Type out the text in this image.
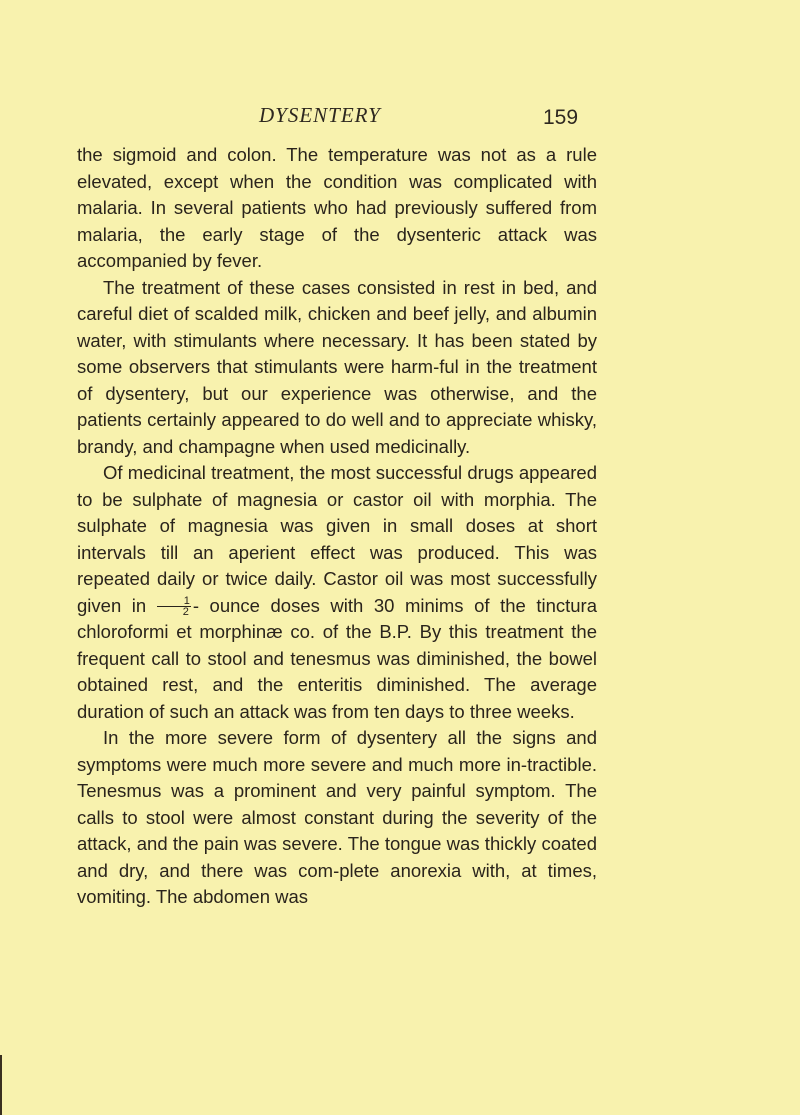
DYSENTERY	159

the sigmoid and colon. The temperature was not as a rule elevated, except when the condition was complicated with malaria. In several patients who had previously suffered from malaria, the early stage of the dysenteric attack was accompanied by fever.

The treatment of these cases consisted in rest in bed, and careful diet of scalded milk, chicken and beef jelly, and albumin water, with stimulants where necessary. It has been stated by some observers that stimulants were harm-ful in the treatment of dysentery, but our experience was otherwise, and the patients certainly appeared to do well and to appreciate whisky, brandy, and champagne when used medicinally.

Of medicinal treatment, the most successful drugs appeared to be sulphate of magnesia or castor oil with morphia. The sulphate of magnesia was given in small doses at short intervals till an aperient effect was produced. This was repeated daily or twice daily. Castor oil was most successfully given in $\frac{1}{2}$ - ounce doses with 30 minims of the tinctura chloroformi et morphinæ co. of the B.P. By this treatment the frequent call to stool and tenesmus was diminished, the bowel obtained rest, and the enteritis diminished. The average duration of such an attack was from ten days to three weeks.

In the more severe form of dysentery all the signs and symptoms were much more severe and much more in-tractible. Tenesmus was a prominent and very painful symptom. The calls to stool were almost constant during the severity of the attack, and the pain was severe. The tongue was thickly coated and dry, and there was com-plete anorexia with, at times, vomiting. The abdomen was
